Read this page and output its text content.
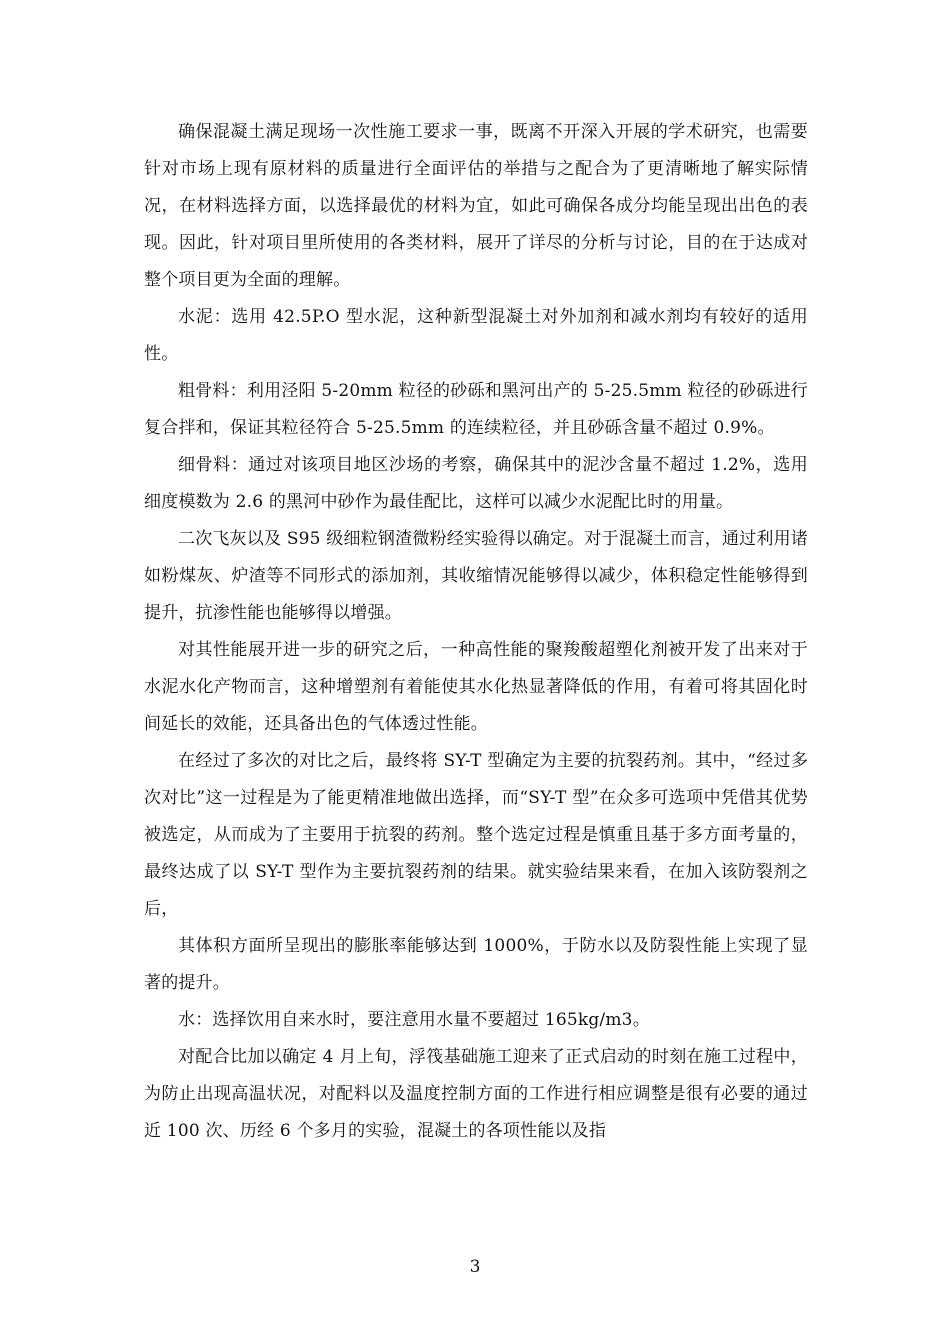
确保混凝土满足现场一次性施工要求一事，既离不开深入开展的学术研究，也需要针对市场上现有原材料的质量进行全面评估的举措与之配合为了更清晰地了解实际情况，在材料选择方面，以选择最优的材料为宜，如此可确保各成分均能呈现出出色的表现。因此，针对项目里所使用的各类材料，展开了详尽的分析与讨论，目的在于达成对整个项目更为全面的理解。

水泥：选用 42.5P.O 型水泥，这种新型混凝土对外加剂和减水剂均有较好的适用性。

粗骨料：利用泾阳 5-20mm 粒径的砂砾和黑河出产的 5-25.5mm 粒径的砂砾进行复合拌和，保证其粒径符合 5-25.5mm 的连续粒径，并且砂砾含量不超过 0.9%。

细骨料：通过对该项目地区沙场的考察，确保其中的泥沙含量不超过 1.2%，选用细度模数为 2.6 的黑河中砂作为最佳配比，这样可以减少水泥配比时的用量。

二次飞灰以及 S95 级细粒钢渣微粉经实验得以确定。对于混凝土而言，通过利用诸如粉煤灰、炉渣等不同形式的添加剂，其收缩情况能够得以减少，体积稳定性能够得到提升，抗渗性能也能够得以增强。

对其性能展开进一步的研究之后，一种高性能的聚羧酸超塑化剂被开发了出来对于水泥水化产物而言，这种增塑剂有着能使其水化热显著降低的作用，有着可将其固化时间延长的效能，还具备出色的气体透过性能。

在经过了多次的对比之后，最终将 SY-T 型确定为主要的抗裂药剂。其中，“经过多次对比”这一过程是为了能更精准地做出选择，而“SY-T 型”在众多可选项中凭借其优势被选定，从而成为了主要用于抗裂的药剂。整个选定过程是慎重且基于多方面考量的，最终达成了以 SY-T 型作为主要抗裂药剂的结果。就实验结果来看，在加入该防裂剂之后，

其体积方面所呈现出的膨胀率能够达到 1000%，于防水以及防裂性能上实现了显著的提升。

水：选择饮用自来水时，要注意用水量不要超过 165kg/m3。

对配合比加以确定 4 月上旬，浮筏基础施工迎来了正式启动的时刻在施工过程中，为防止出现高温状况，对配料以及温度控制方面的工作进行相应调整是很有必要的通过近 100 次、历经 6 个多月的实验，混凝土的各项性能以及指

3
